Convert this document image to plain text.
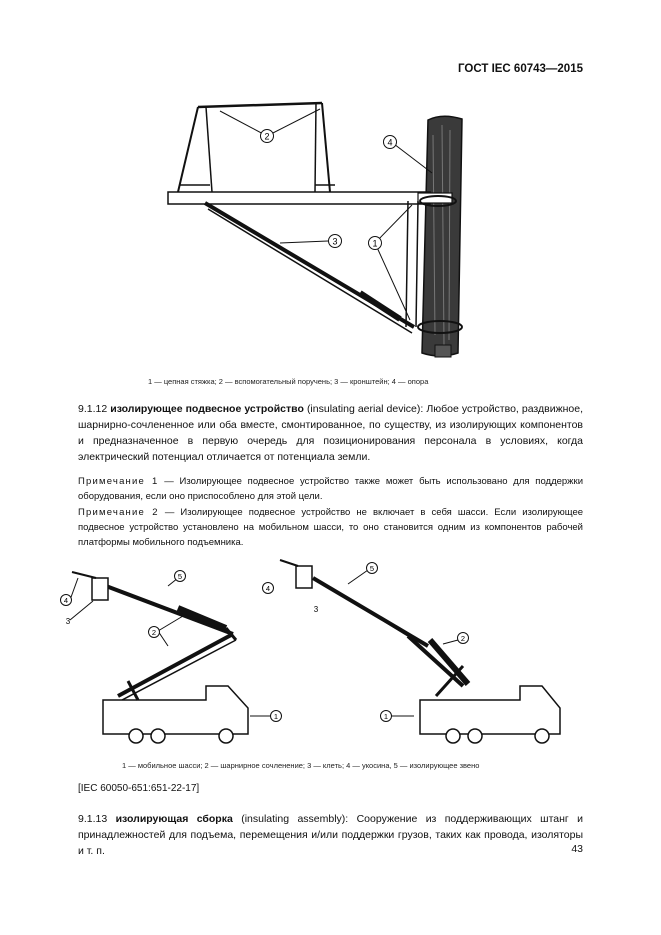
ГОСТ IEC 60743—2015
2
3	1
4
1 — цепная стяжка; 2 — вспомогательный поручень; 3 — кронштейн; 4 — опора
9.1.12 изолирующее подвесное устройство (insulating aerial device): Любое устройство, раздвижное, шарнирно-сочлененное или оба вместе, смонтированное, по существу, из изолирующих компонентов и предназначенное в первую очередь для позиционирования персонала в условиях, когда электрический потенциал отличается от потенциала земли.
Примечание 1 — Изолирующее подвесное устройство также может быть использовано для поддержки оборудования, если оно приспособлено для этой цели.
Примечание 2 — Изолирующее подвесное устройство не включает в себя шасси. Если изолирующее подвесное устройство установлено на мобильном шасси, то оно становится одним из компонентов рабочей платформы мобильного подъемника.
5
2
4
3
1
5
4
3
2
1
1 — мобильное шасси; 2 — шарнирное сочленение; 3 — клеть; 4 — укосина, 5 — изолирующее звено
[IEC 60050-651:651-22-17]
9.1.13 изолирующая сборка (insulating assembly): Сооружение из поддерживающих штанг и принадлежностей для подъема, перемещения и/или поддержки грузов, таких как провода, изоляторы и т. п.	43
